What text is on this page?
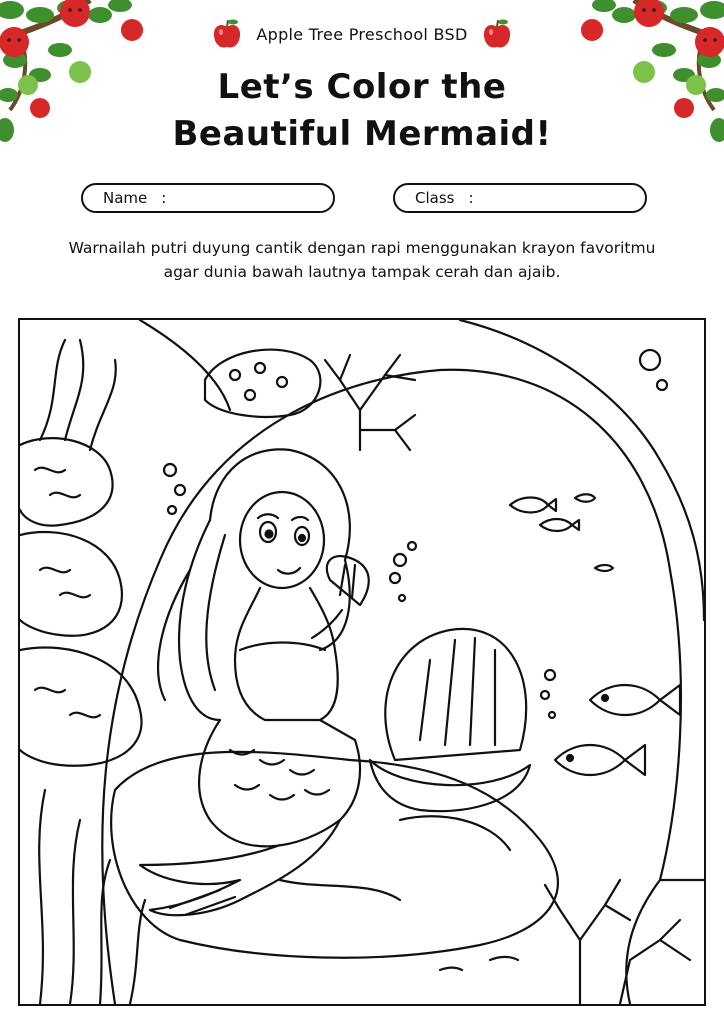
Apple Tree Preschool BSD
Let’s Color the
Beautiful Mermaid!
Name :	Class :
Warnailah putri duyung cantik dengan rapi menggunakan krayon favoritmu agar dunia bawah lautnya tampak cerah dan ajaib.
